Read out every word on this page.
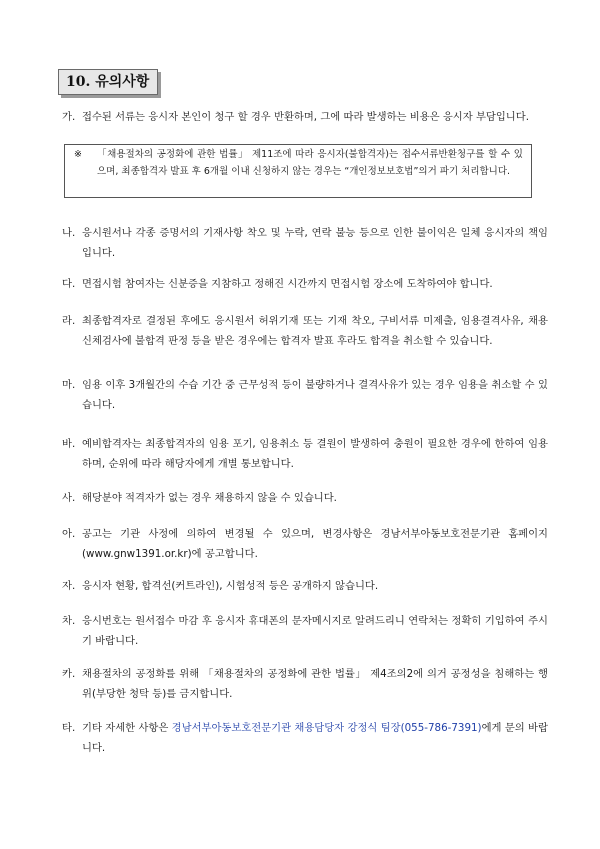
10. 유의사항
가. 접수된 서류는 응시자 본인이 청구 할 경우 반환하며, 그에 따라 발생하는 비용은 응시자 부담입니다.
※ 「채용절차의 공정화에 관한 법률」 제11조에 따라 응시자(불합격자)는 접수서류반환청구를 할 수 있으며, 최종합격자 발표 후 6개월 이내 신청하지 않는 경우는 “개인정보보호법”의거 파기 처리합니다.
나. 응시원서나 각종 증명서의 기재사항 착오 및 누락, 연락 불능 등으로 인한 불이익은 일체 응시자의 책임입니다.
다. 면접시험 참여자는 신분증을 지참하고 정해진 시간까지 면접시험 장소에 도착하여야 합니다.
라. 최종합격자로 결정된 후에도 응시원서 허위기재 또는 기재 착오, 구비서류 미제출, 임용결격사유, 채용 신체검사에 불합격 판정 등을 받은 경우에는 합격자 발표 후라도 합격을 취소할 수 있습니다.
마. 임용 이후 3개월간의 수습 기간 중 근무성적 등이 불량하거나 결격사유가 있는 경우 임용을 취소할 수 있습니다.
바. 예비합격자는 최종합격자의 임용 포기, 임용취소 등 결원이 발생하여 충원이 필요한 경우에 한하여 임용하며, 순위에 따라 해당자에게 개별 통보합니다.
사. 해당분야 적격자가 없는 경우 채용하지 않을 수 있습니다.
아. 공고는 기관 사정에 의하여 변경될 수 있으며, 변경사항은 경남서부아동보호전문기관 홈페이지(www.gnw1391.or.kr)에 공고합니다.
자. 응시자 현황, 합격선(커트라인), 시험성적 등은 공개하지 않습니다.
차. 응시번호는 원서접수 마감 후 응시자 휴대폰의 문자메시지로 알려드리니 연락처는 정확히 기입하여 주시기 바랍니다.
카. 채용절차의 공정화를 위해 「채용절차의 공정화에 관한 법률」 제4조의2에 의거 공정성을 침해하는 행위(부당한 청탁 등)를 금지합니다.
타. 기타 자세한 사항은 경남서부아동보호전문기관 채용담당자 강정식 팀장(055-786-7391)에게 문의 바랍니다.
